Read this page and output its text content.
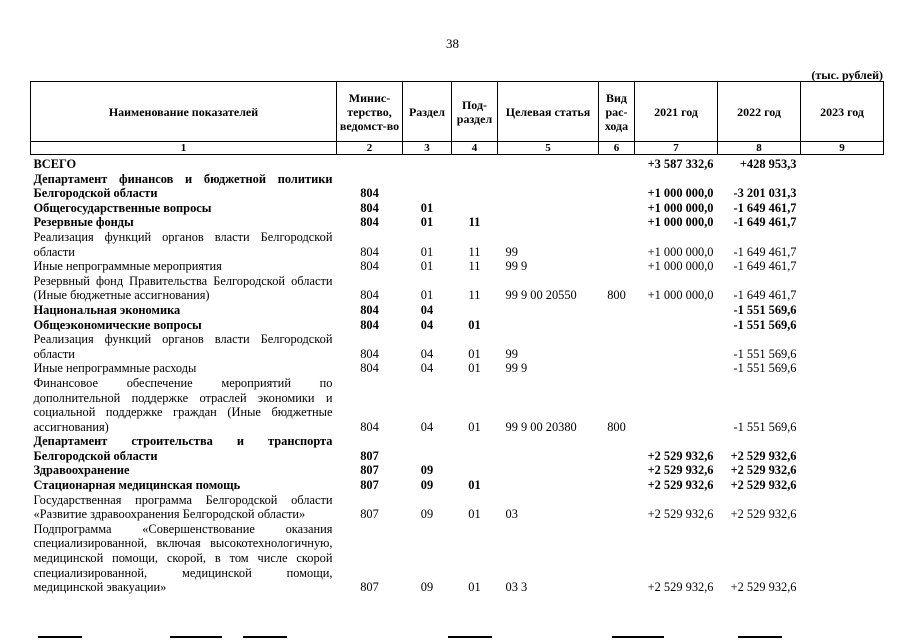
38
(тыс. рублей)
Наименование показателей	Минис-терство, ведомст-во	Раздел	Под-раздел	Целевая статья	Вид рас-хода	2021 год	2022 год	2023 год
1	2	3	4	5	6	7	8	9
ВСЕГО						+3 587 332,6	+428 953,3	
Департамент финансов и бюджетной политики Белгородской области	804					+1 000 000,0	-3 201 031,3	
Общегосударственные вопросы	804	01				+1 000 000,0	-1 649 461,7	
Резервные фонды	804	01	11			+1 000 000,0	-1 649 461,7	
Реализация функций органов власти Белгородской области	804	01	11	99		+1 000 000,0	-1 649 461,7	
Иные непрограммные мероприятия	804	01	11	99 9		+1 000 000,0	-1 649 461,7	
Резервный фонд Правительства Белгородской области (Иные бюджетные ассигнования)	804	01	11	99 9 00 20550	800	+1 000 000,0	-1 649 461,7	
Национальная экономика	804	04					-1 551 569,6	
Общеэкономические вопросы	804	04	01				-1 551 569,6	
Реализация функций органов власти Белгородской области	804	04	01	99			-1 551 569,6	
Иные непрограммные расходы	804	04	01	99 9			-1 551 569,6	
Финансовое обеспечение мероприятий по дополнительной поддержке отраслей экономики и социальной поддержке граждан (Иные бюджетные ассигнования)	804	04	01	99 9 00 20380	800		-1 551 569,6	
Департамент строительства и транспорта Белгородской области	807					+2 529 932,6	+2 529 932,6	
Здравоохранение	807	09				+2 529 932,6	+2 529 932,6	
Стационарная медицинская помощь	807	09	01			+2 529 932,6	+2 529 932,6	
Государственная программа Белгородской области «Развитие здравоохранения Белгородской области»	807	09	01	03		+2 529 932,6	+2 529 932,6	
Подпрограмма «Совершенствование оказания специализированной, включая высокотехнологичную, медицинской помощи, скорой, в том числе скорой специализированной, медицинской помощи, медицинской эвакуации»	807	09	01	03 3		+2 529 932,6	+2 529 932,6	
